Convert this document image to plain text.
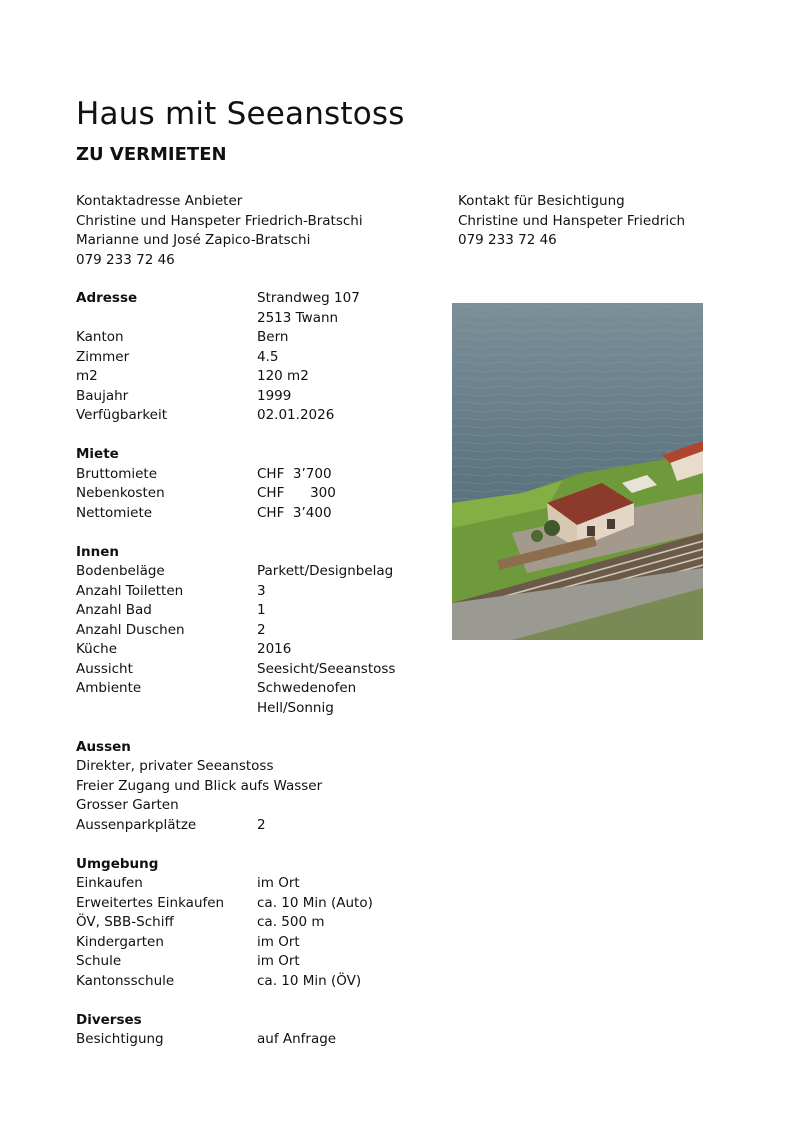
Haus mit Seeanstoss
ZU VERMIETEN
Kontaktadresse Anbieter
Christine und Hanspeter Friedrich-Bratschi
Marianne und José Zapico-Bratschi
079 233 72 46
Kontakt für Besichtigung
Christine und Hanspeter Friedrich
079 233 72 46
Adresse	Strandweg 107
2513 Twann
Kanton	Bern
Zimmer	4.5
m2	120 m2
Baujahr	1999
Verfügbarkeit	02.01.2026
Miete
Bruttomiete	CHF  3’700
Nebenkosten	CHF      300
Nettomiete	CHF  3’400
Innen
Bodenbeläge	Parkett/Designbelag
Anzahl Toiletten	3
Anzahl Bad	1
Anzahl Duschen	2
Küche	2016
Aussicht	Seesicht/Seeanstoss
Ambiente	Schwedenofen
Hell/Sonnig
Aussen
Direkter, privater Seeanstoss
Freier Zugang und Blick aufs Wasser
Grosser Garten
Aussenparkplätze	2
Umgebung
Einkaufen	im Ort
Erweitertes Einkaufen	ca. 10 Min (Auto)
ÖV, SBB-Schiff	ca. 500 m
Kindergarten	im Ort
Schule	im Ort
Kantonsschule	ca. 10 Min (ÖV)
Diverses
Besichtigung	auf Anfrage
